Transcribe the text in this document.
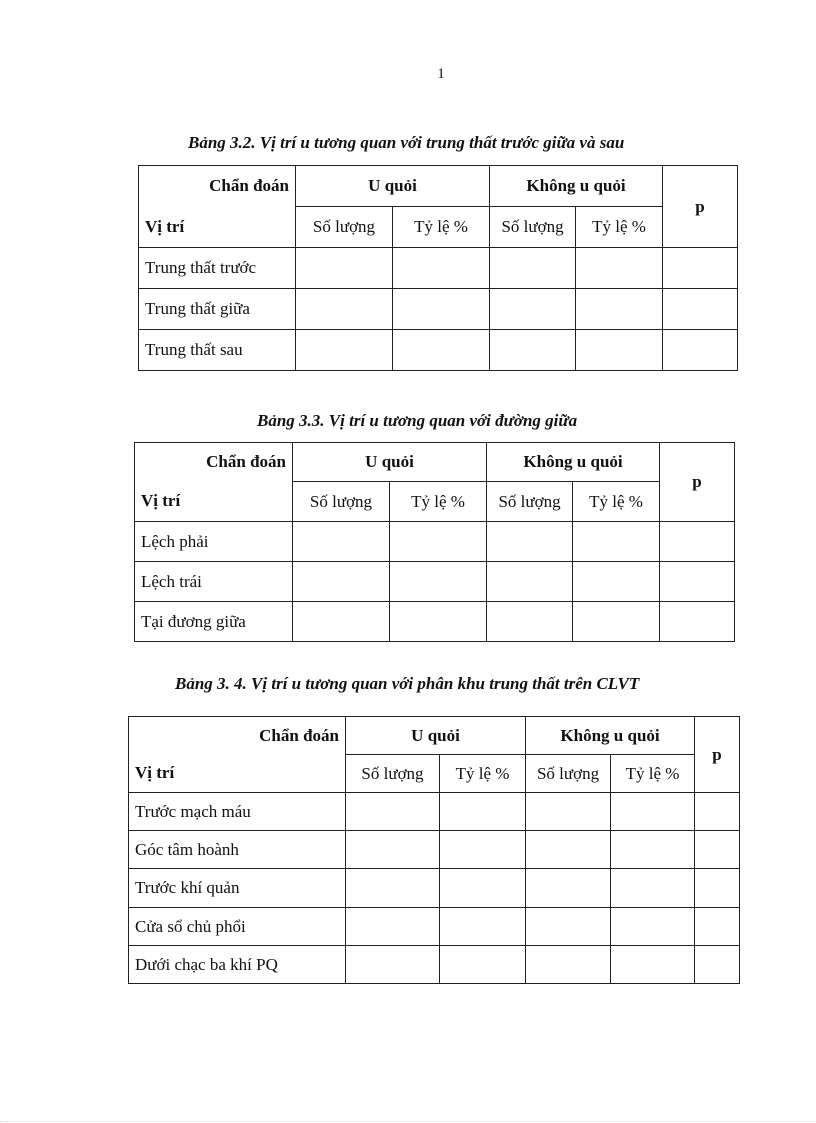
1
Bảng 3.2. Vị trí u tương quan với trung thất trước giữa và sau
Chẩn đoán	U quỏi		Không u quỏi		p
Vị trí	Số lượng	Tỷ lệ %	Số lượng	Tỷ lệ %	
Trung thất trước					
Trung thất giữa					
Trung thất sau					
Bảng 3.3. Vị trí u tương quan với đường giữa
Chẩn đoán	U quỏi		Không u quỏi		p
Vị trí	Số lượng	Tỷ lệ %	Số lượng	Tỷ lệ %	
Lệch phải					
Lệch trái					
Tại đương giữa					
Bảng 3. 4. Vị trí u tương quan với phân khu trung thất trên CLVT
Chẩn đoán	U quỏi		Không u quỏi		p
Vị trí	Số lượng	Tỷ lệ %	Số lượng	Tỷ lệ %	
Trước mạch máu					
Góc tâm hoành					
Trước khí quản					
Cửa sổ chủ phổi					
Dưới chạc ba khí PQ					
